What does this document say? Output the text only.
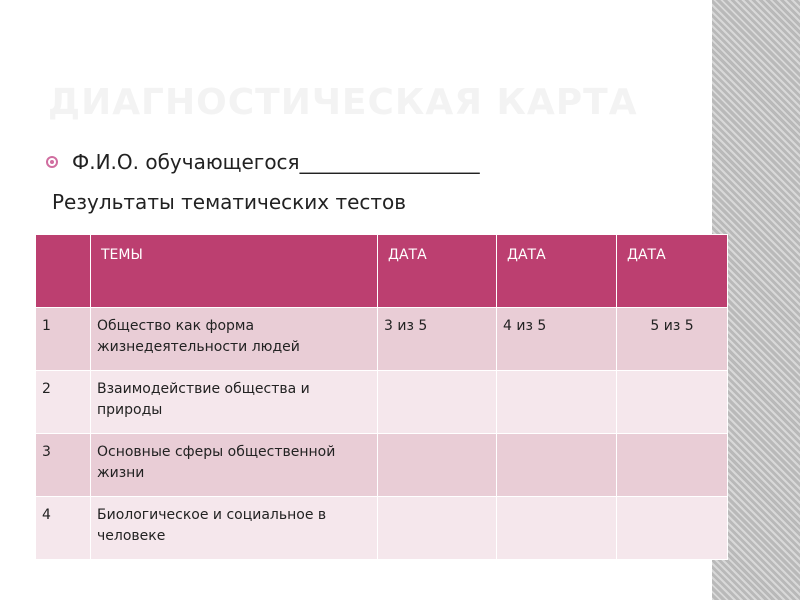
ДИАГНОСТИЧЕСКАЯ КАРТА
Ф.И.О. обучающегося__________________
Результаты тематических тестов
	ТЕМЫ	ДАТА	ДАТА	ДАТА
1	Общество как форма жизнедеятельности людей	3 из 5	4 из 5	5 из 5
2	Взаимодействие общества и природы			
3	Основные сферы общественной жизни			
4	Биологическое и социальное в человеке			
